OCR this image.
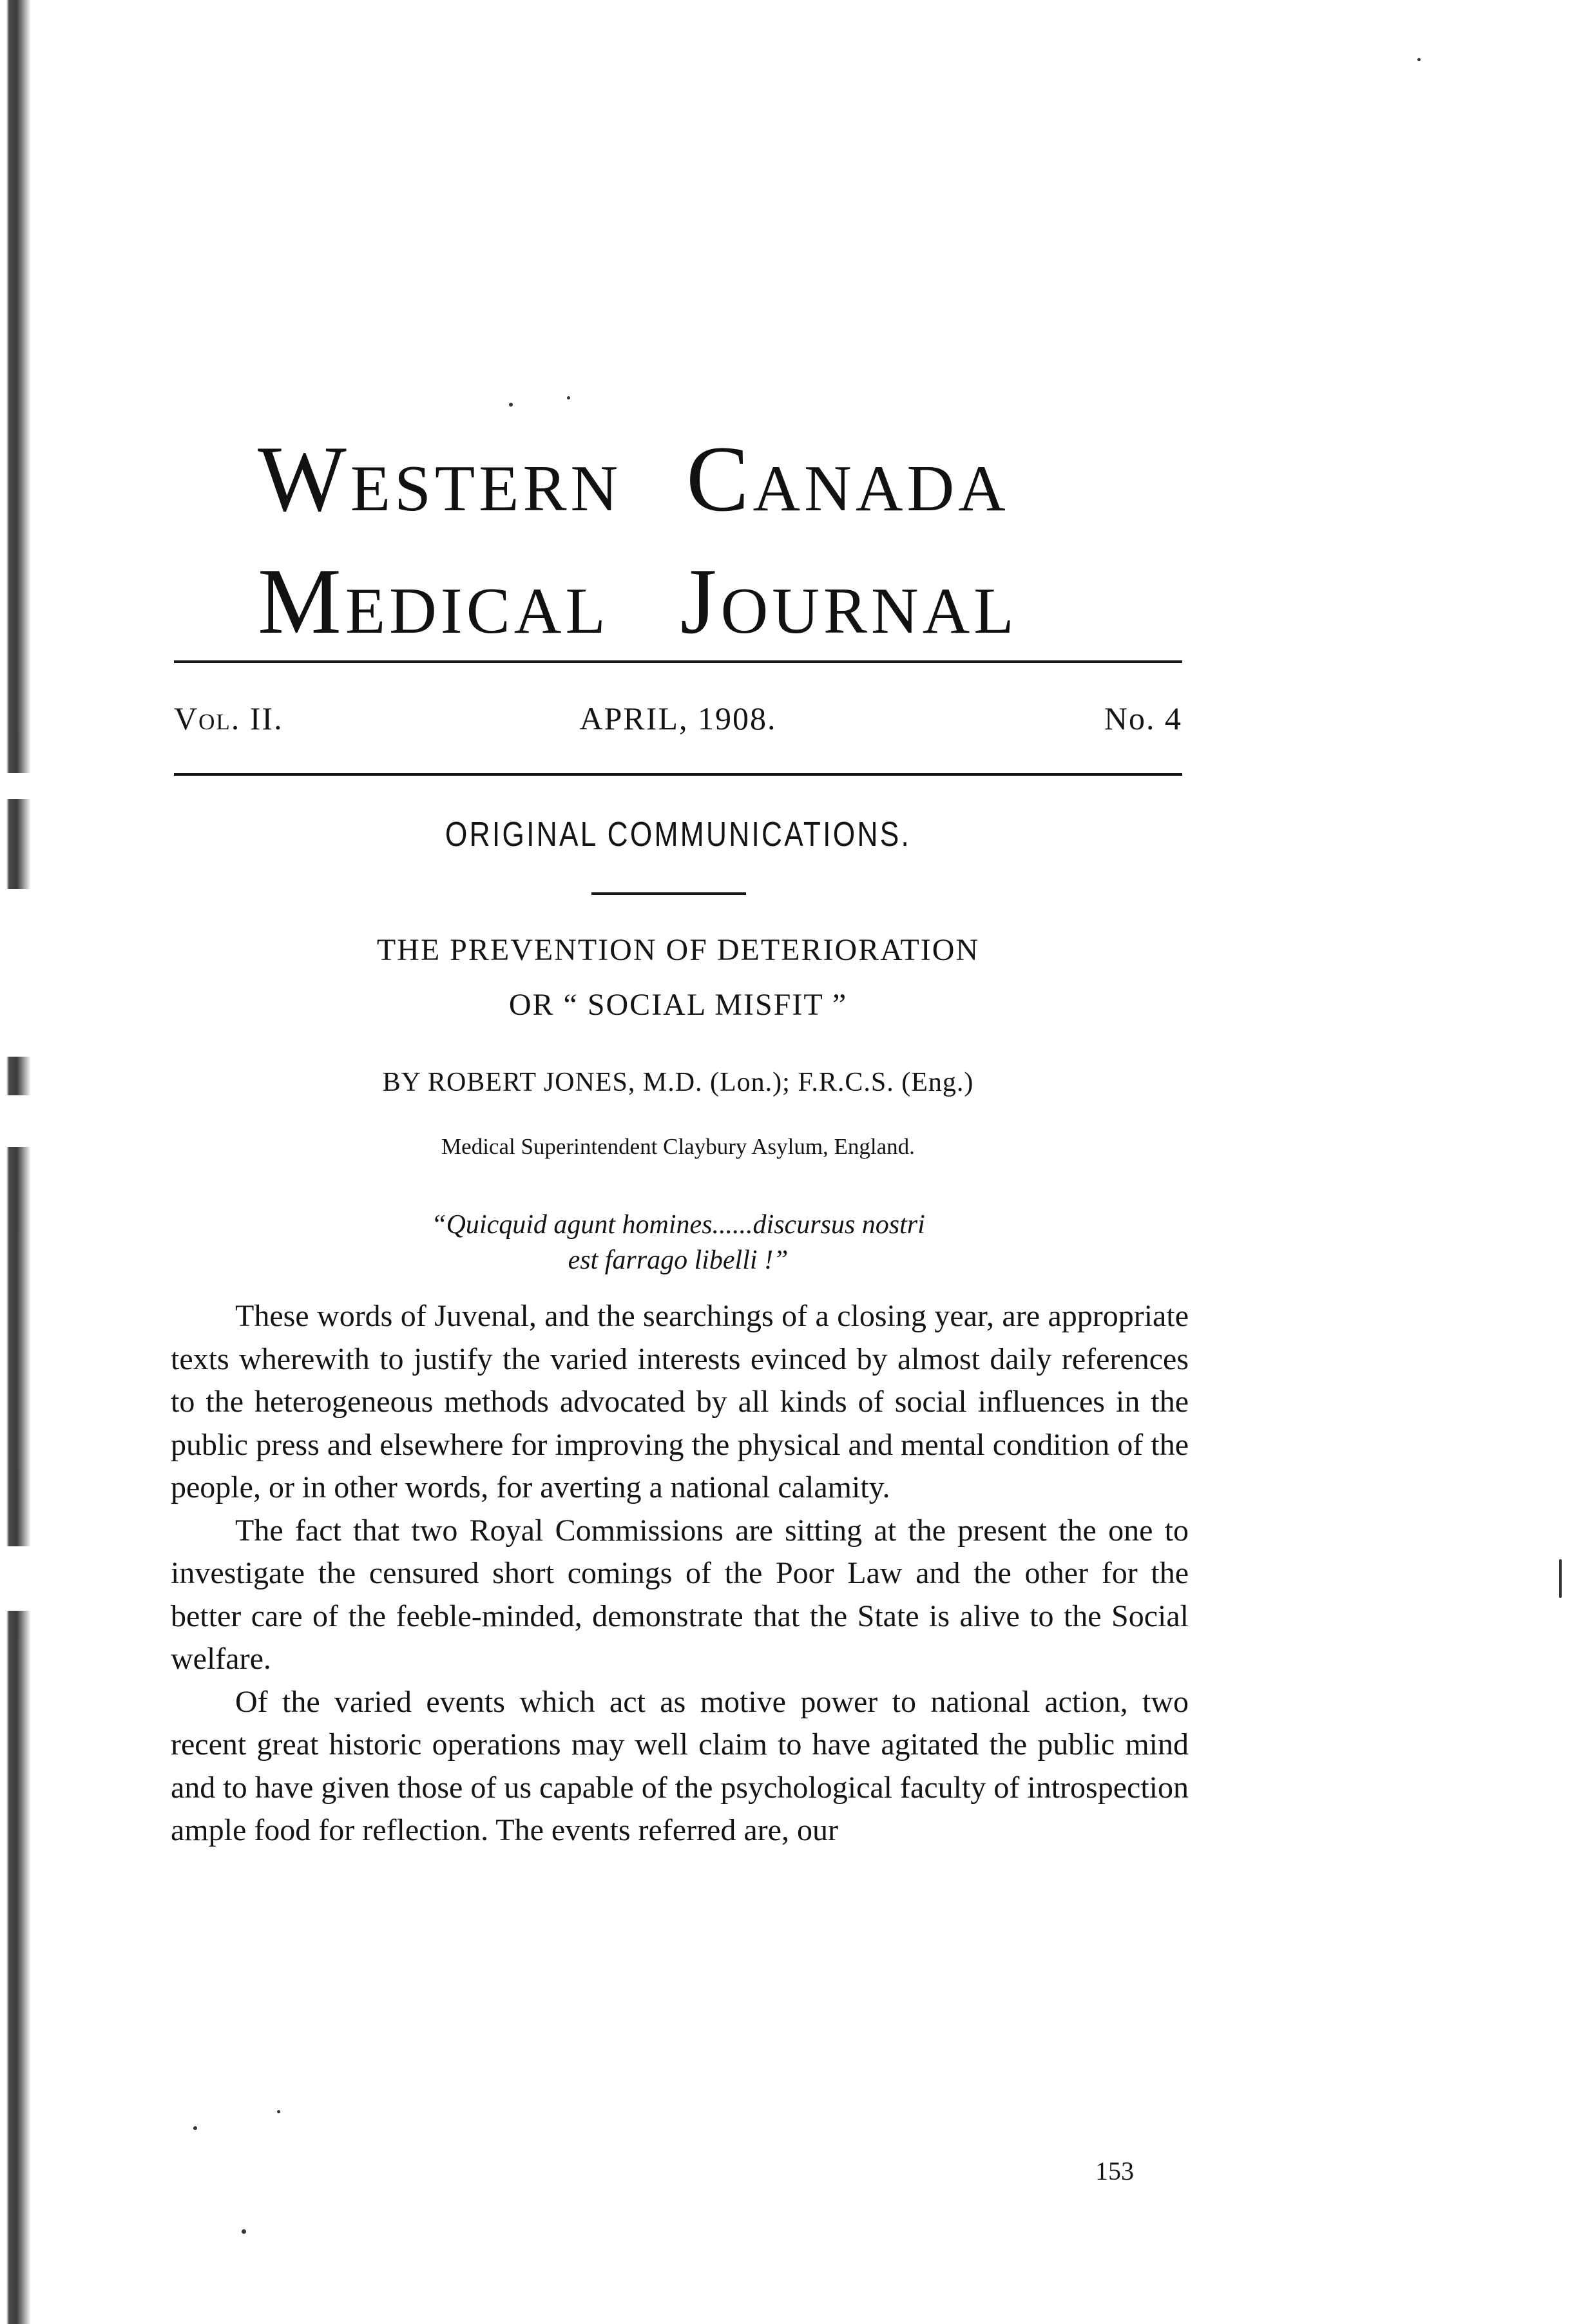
Western Canada
Medical Journal
Vol. II.	APRIL, 1908.	No. 4
ORIGINAL COMMUNICATIONS.
THE PREVENTION OF DETERIORATION
OR “ SOCIAL MISFIT ”
BY ROBERT JONES, M.D. (Lon.); F.R.C.S. (Eng.)
Medical Superintendent Claybury Asylum, England.
“Quicquid agunt homines......discursus nostri
est farrago libelli !”

These words of Juvenal, and the searchings of a closing year, are appropriate texts wherewith to justify the varied interests evinced by almost daily references to the heterogeneous methods advocated by all kinds of social influences in the public press and elsewhere for improving the physical and mental condition of the people, or in other words, for averting a national calamity.

The fact that two Royal Commissions are sitting at the present the one to investigate the censured short comings of the Poor Law and the other for the better care of the feeble-minded, demonstrate that the State is alive to the Social welfare.

Of the varied events which act as motive power to national action, two recent great historic operations may well claim to have agitated the public mind and to have given those of us capable of the psychological faculty of introspection ample food for reflection. The events referred are, our

153
